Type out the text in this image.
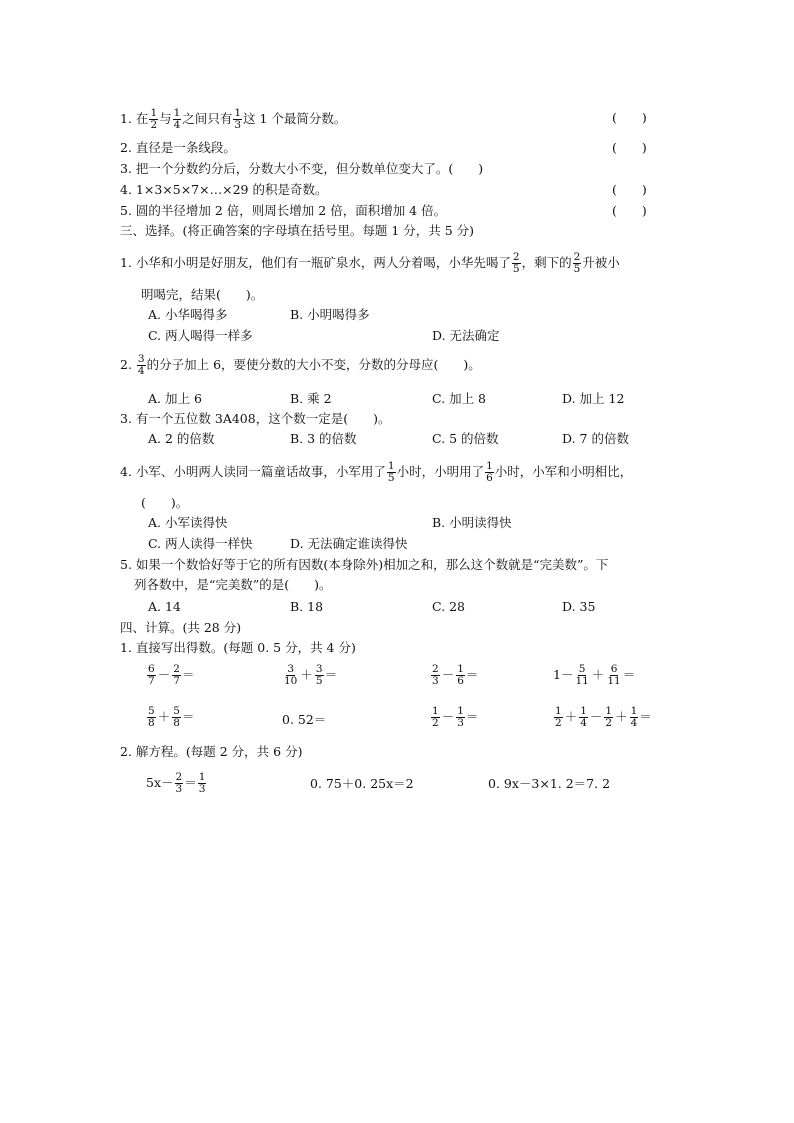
1. 在 $\frac{1}{2}$ 与 $\frac{1}{4}$ 之间只有 $\frac{1}{3}$ 这 1 个最简分数。	(　　)
2. 直径是一条线段。	(　　)
3. 把一个分数约分后，分数大小不变，但分数单位变大了。(　　)
4. 1×3×5×7×…×29 的积是奇数。	(　　)
5. 圆的半径增加 2 倍，则周长增加 2 倍，面积增加 4 倍。	(　　)
三、选择。(将正确答案的字母填在括号里。每题 1 分，共 5 分)
1. 小华和小明是好朋友，他们有一瓶矿泉水，两人分着喝，小华先喝了 $\frac{2}{5}$ ，剩下的 $\frac{2}{5}$ 升被小
明喝完，结果(　　)。
A. 小华喝得多	B. 小明喝得多
C. 两人喝得一样多	D. 无法确定
2. $\frac{3}{4}$ 的分子加上 6，要使分数的大小不变，分数的分母应(　　)。
A. 加上 6	B. 乘 2	C. 加上 8	D. 加上 12
3. 有一个五位数 3A408，这个数一定是(　　)。
A. 2 的倍数	B. 3 的倍数	C. 5 的倍数	D. 7 的倍数
4. 小军、小明两人读同一篇童话故事，小军用了 $\frac{1}{5}$ 小时，小明用了 $\frac{1}{6}$ 小时，小军和小明相比，
(　　)。
A. 小军读得快	B. 小明读得快
C. 两人读得一样快	D. 无法确定谁读得快
5. 如果一个数恰好等于它的所有因数(本身除外)相加之和，那么这个数就是“完美数”。下
列各数中，是“完美数”的是(　　)。
A. 14	B. 18	C. 28	D. 35
四、计算。(共 28 分)
1. 直接写出得数。(每题 0. 5 分，共 4 分)
$\frac{6}{7} - \frac{2}{7}$ ＝	$\frac{3}{10} + \frac{3}{5}$ ＝	$\frac{2}{3} - \frac{1}{6}$ ＝	$1- \frac{5}{11} + \frac{6}{11}$ ＝
$\frac{5}{8} + \frac{5}{8}$ ＝	0. 52＝	$\frac{1}{2} - \frac{1}{3}$ ＝	$\frac{1}{2} + \frac{1}{4} - \frac{1}{2} + \frac{1}{4}$ ＝
2. 解方程。(每题 2 分，共 6 分)
$5x- \frac{2}{3} = \frac{1}{3}$	0. 75＋0. 25x＝2	0. 9x－3×1. 2＝7. 2
